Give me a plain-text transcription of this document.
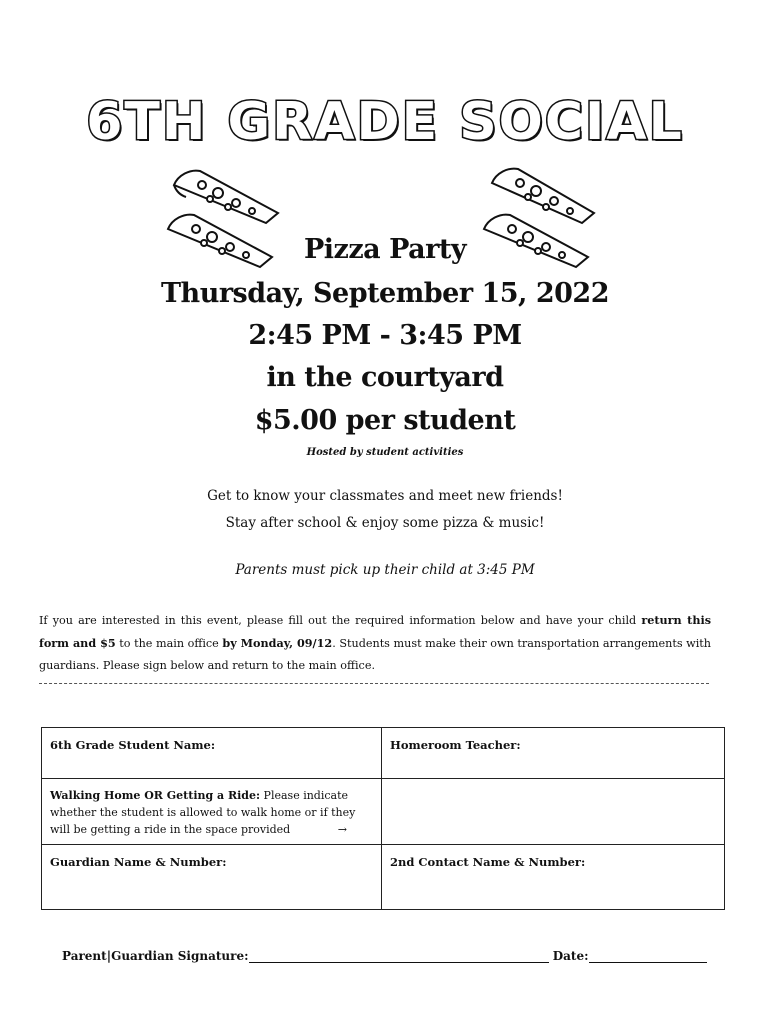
6TH GRADE SOCIAL
Pizza Party
Thursday, September 15, 2022
2:45 PM - 3:45 PM
in the courtyard
$5.00 per student
Hosted by student activities
Get to know your classmates and meet new friends!
Stay after school & enjoy some pizza & music!
Parents must pick up their child at 3:45 PM
If you are interested in this event, please fill out the required information below and have your child return this form and $5 to the main office by Monday, 09/12. Students must make their own transportation arrangements with guardians. Please sign below and return to the main office.
6th Grade Student Name:	Homeroom Teacher:

Walking Home OR Getting a Ride: Please indicate whether the student is allowed to walk home or if they will be getting a ride in the space provided →	

Guardian Name & Number:	2nd Contact Name & Number:
Parent|Guardian Signature:	Date:
